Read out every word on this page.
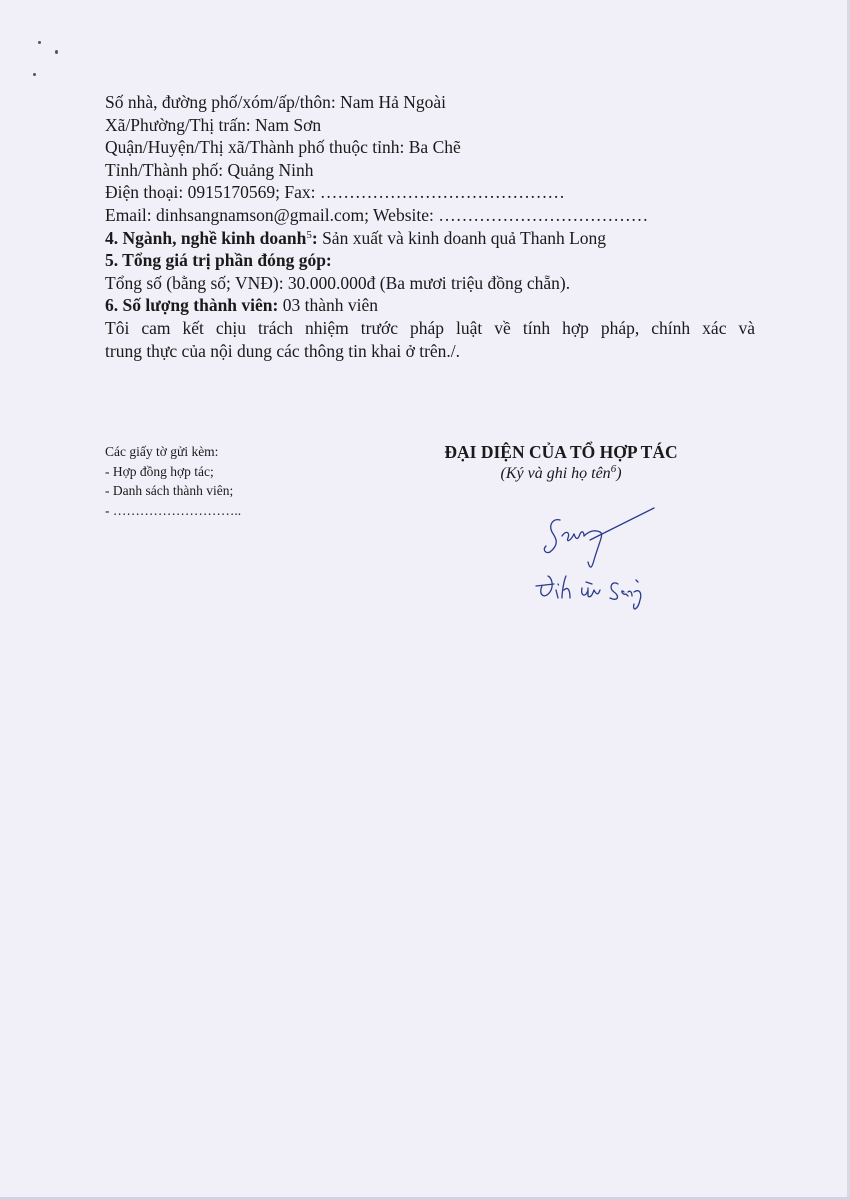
Số nhà, đường phố/xóm/ấp/thôn: Nam Hả Ngoài
Xã/Phường/Thị trấn: Nam Sơn
Quận/Huyện/Thị xã/Thành phố thuộc tỉnh: Ba Chẽ
Tỉnh/Thành phố: Quảng Ninh
Điện thoại: 0915170569; Fax: ……………………………………
Email: dinhsangnamson@gmail.com; Website: ………………………………
4. Ngành, nghề kinh doanh$^5$: Sản xuất và kinh doanh quả Thanh Long
5. Tổng giá trị phần đóng góp:
Tổng số (bằng số; VNĐ): 30.000.000đ (Ba mươi triệu đồng chẵn).
6. Số lượng thành viên: 03 thành viên
Tôi cam kết chịu trách nhiệm trước pháp luật về tính hợp pháp, chính xác và
trung thực của nội dung các thông tin khai ở trên./.
Các giấy tờ gửi kèm:
- Hợp đồng hợp tác;
- Danh sách thành viên;
- ………………………..
ĐẠI DIỆN CỦA TỔ HỢP TÁC
(Ký và ghi họ tên$^6$)
